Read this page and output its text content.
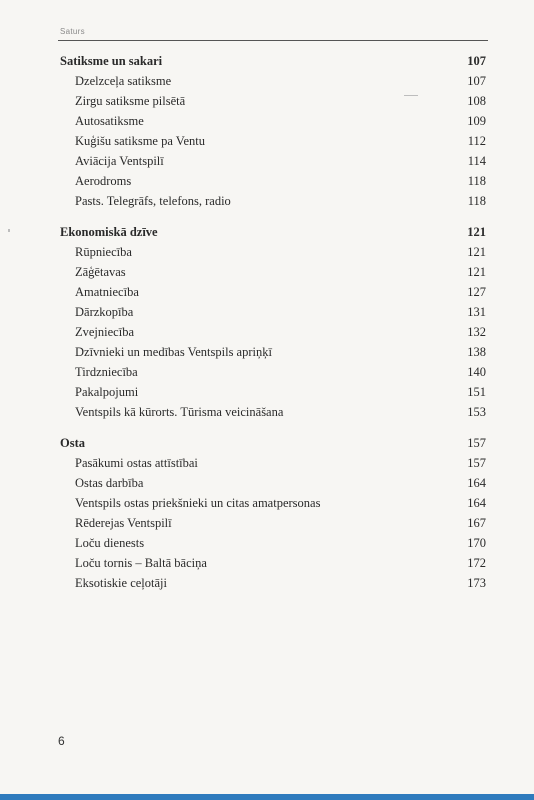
Saturs
Satiksme un sakari	107
Dzelzceļa satiksme	107
Zirgu satiksme pilsētā	108
Autosatiksme	109
Kuģišu satiksme pa Ventu	112
Aviācija Ventspilī	114
Aerodroms	118
Pasts. Telegrāfs, telefons, radio	118
Ekonomiskā dzīve	121
Rūpniecība	121
Zāģētavas	121
Amatniecība	127
Dārzkopība	131
Zvejniecība	132
Dzīvnieki un medības Ventspils apriņķī	138
Tirdzniecība	140
Pakalpojumi	151
Ventspils kā kūrorts. Tūrisma veicināšana	153
Osta	157
Pasākumi ostas attīstībai	157
Ostas darbība	164
Ventspils ostas priekšnieki un citas amatpersonas	164
Rēderejas Ventspilī	167
Loču dienests	170
Loču tornis – Baltā bāciņa	172
Eksotiskie ceļotāji	173
6
